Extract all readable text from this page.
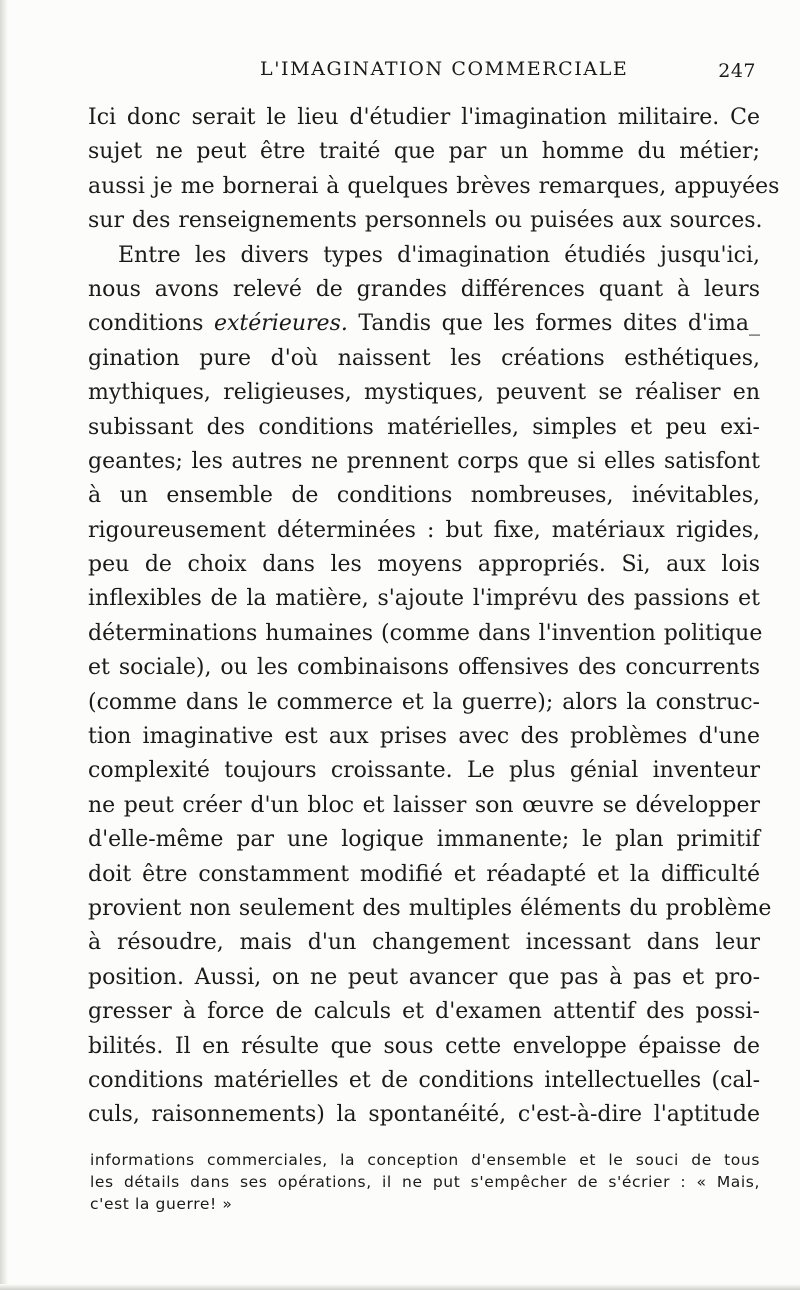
L'IMAGINATION COMMERCIALE	247
Ici donc serait le lieu d'étudier l'imagination militaire. Ce
sujet ne peut être traité que par un homme du métier;
aussi je me bornerai à quelques brèves remarques, appuyées
sur des renseignements personnels ou puisées aux sources.
Entre les divers types d'imagination étudiés jusqu'ici,
nous avons relevé de grandes différences quant à leurs
conditions extérieures. Tandis que les formes dites d'ima_
gination pure d'où naissent les créations esthétiques,
mythiques, religieuses, mystiques, peuvent se réaliser en
subissant des conditions matérielles, simples et peu exi-
geantes; les autres ne prennent corps que si elles satisfont
à un ensemble de conditions nombreuses, inévitables,
rigoureusement déterminées : but fixe, matériaux rigides,
peu de choix dans les moyens appropriés. Si, aux lois
inflexibles de la matière, s'ajoute l'imprévu des passions et
déterminations humaines (comme dans l'invention politique
et sociale), ou les combinaisons offensives des concurrents
(comme dans le commerce et la guerre); alors la construc-
tion imaginative est aux prises avec des problèmes d'une
complexité toujours croissante. Le plus génial inventeur
ne peut créer d'un bloc et laisser son œuvre se développer
d'elle-même par une logique immanente; le plan primitif
doit être constamment modifié et réadapté et la difficulté
provient non seulement des multiples éléments du problème
à résoudre, mais d'un changement incessant dans leur
position. Aussi, on ne peut avancer que pas à pas et pro-
gresser à force de calculs et d'examen attentif des possi-
bilités. Il en résulte que sous cette enveloppe épaisse de
conditions matérielles et de conditions intellectuelles (cal-
culs, raisonnements) la spontanéité, c'est-à-dire l'aptitude
informations commerciales, la conception d'ensemble et le souci de tous
les détails dans ses opérations, il ne put s'empêcher de s'écrier : « Mais,
c'est la guerre! »
